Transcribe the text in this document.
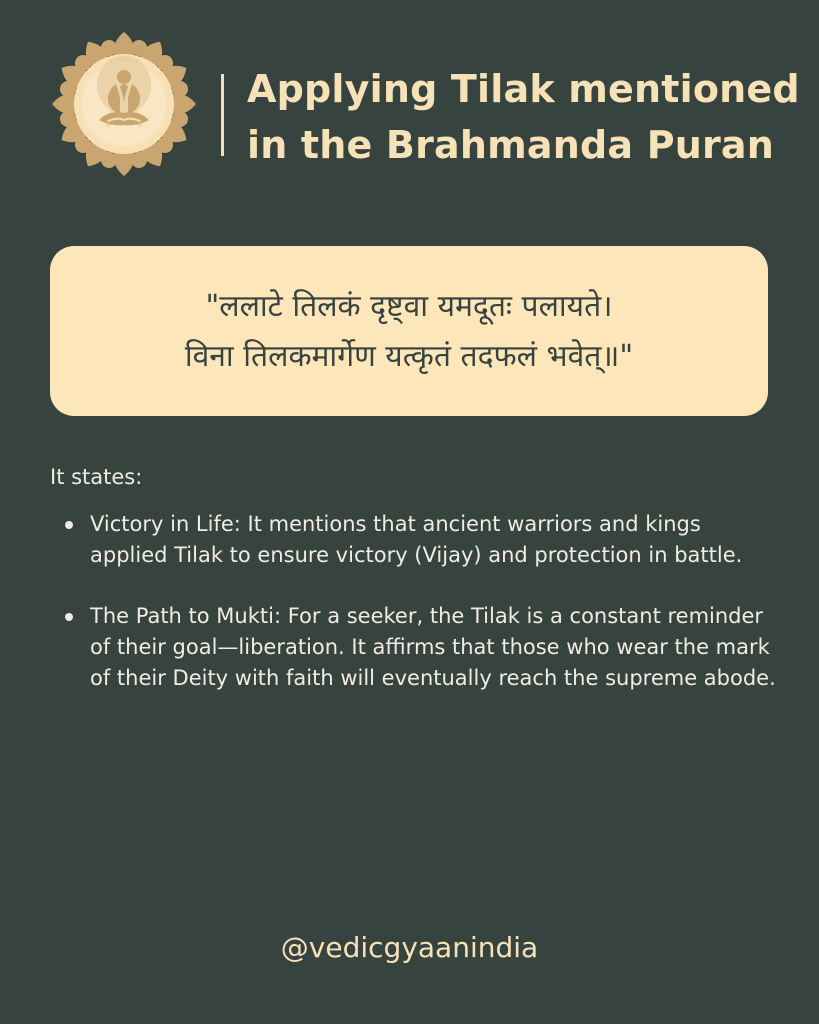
Applying Tilak mentioned
in the Brahmanda Puran
"ललाटे तिलकं दृष्ट्वा यमदूतः पलायते।
विना तिलकमार्गेण यत्कृतं तदफलं भवेत्॥"

It states:

Victory in Life: It mentions that ancient warriors and kings applied Tilak to ensure victory (Vijay) and protection in battle.
The Path to Mukti: For a seeker, the Tilak is a constant reminder of their goal—liberation. It affirms that those who wear the mark of their Deity with faith will eventually reach the supreme abode.
@vedicgyaanindia
